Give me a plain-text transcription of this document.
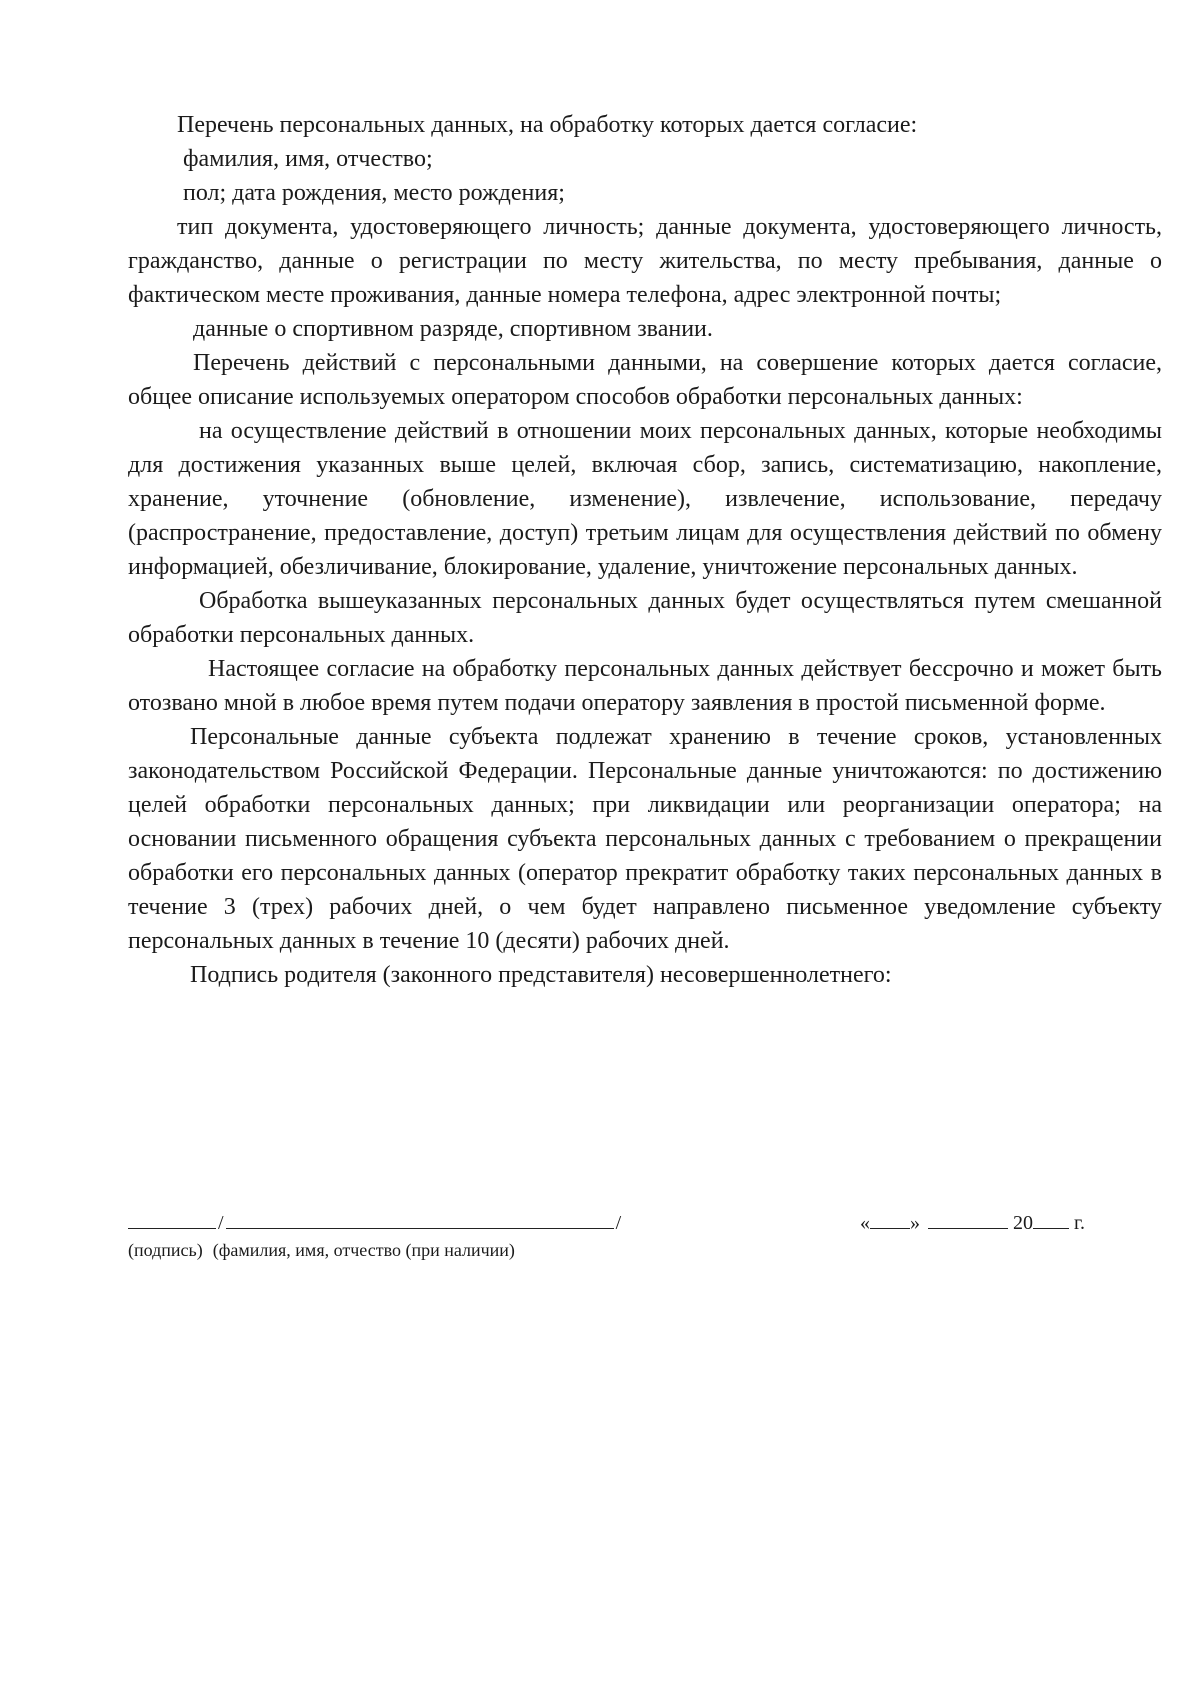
Перечень персональных данных, на обработку которых дается согласие:

фамилия, имя, отчество;

пол; дата рождения, место рождения;

тип документа, удостоверяющего личность; данные документа, удостоверяющего личность, гражданство, данные о регистрации по месту жительства, по месту пребывания, данные о фактическом месте проживания, данные номера телефона, адрес электронной почты;

данные о спортивном разряде, спортивном звании.

Перечень действий с персональными данными, на совершение которых дается согласие, общее описание используемых оператором способов обработки персональных данных:

на осуществление действий в отношении моих персональных данных, которые необходимы для достижения указанных выше целей, включая сбор, запись, систематизацию, накопление, хранение, уточнение (обновление, изменение), извлечение, использование, передачу (распространение, предоставление, доступ) третьим лицам для осуществления действий по обмену информацией, обезличивание, блокирование, удаление, уничтожение персональных данных.

Обработка вышеуказанных персональных данных будет осуществляться путем смешанной обработки персональных данных.

Настоящее согласие на обработку персональных данных действует бессрочно и может быть отозвано мной в любое время путем подачи оператору заявления в простой письменной форме.

Персональные данные субъекта подлежат хранению в течение сроков, установленных законодательством Российской Федерации. Персональные данные уничтожаются: по достижению целей обработки персональных данных; при ликвидации или реорганизации оператора; на основании письменного обращения субъекта персональных данных с требованием о прекращении обработки его персональных данных (оператор прекратит обработку таких персональных данных в течение 3 (трех) рабочих дней, о чем будет направлено письменное уведомление субъекту персональных данных в течение 10 (десяти) рабочих дней.

Подпись родителя (законного представителя) несовершеннолетнего:

/	/	« »	20 г.
(подпись) (фамилия, имя, отчество (при наличии)
